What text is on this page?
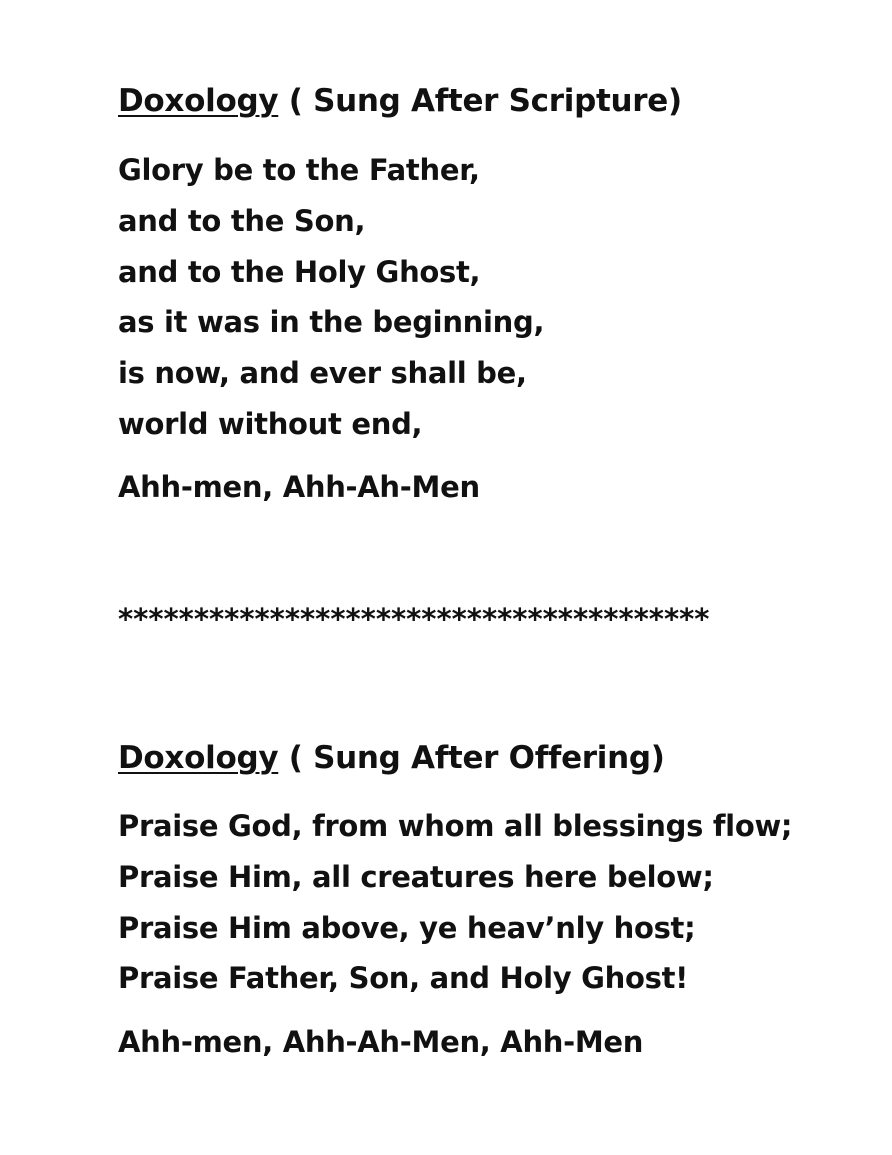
Doxology ( Sung After Scripture)
Glory be to the Father,
and to the Son,
and to the Holy Ghost,
as it was in the beginning,
is now, and ever shall be,
world without end,
Ahh-men, Ahh-Ah-Men
***************************************
Doxology ( Sung After Offering)
Praise God, from whom all blessings flow;
Praise Him, all creatures here below;
Praise Him above, ye heav’nly host;
Praise Father, Son, and Holy Ghost!
Ahh-men, Ahh-Ah-Men, Ahh-Men
